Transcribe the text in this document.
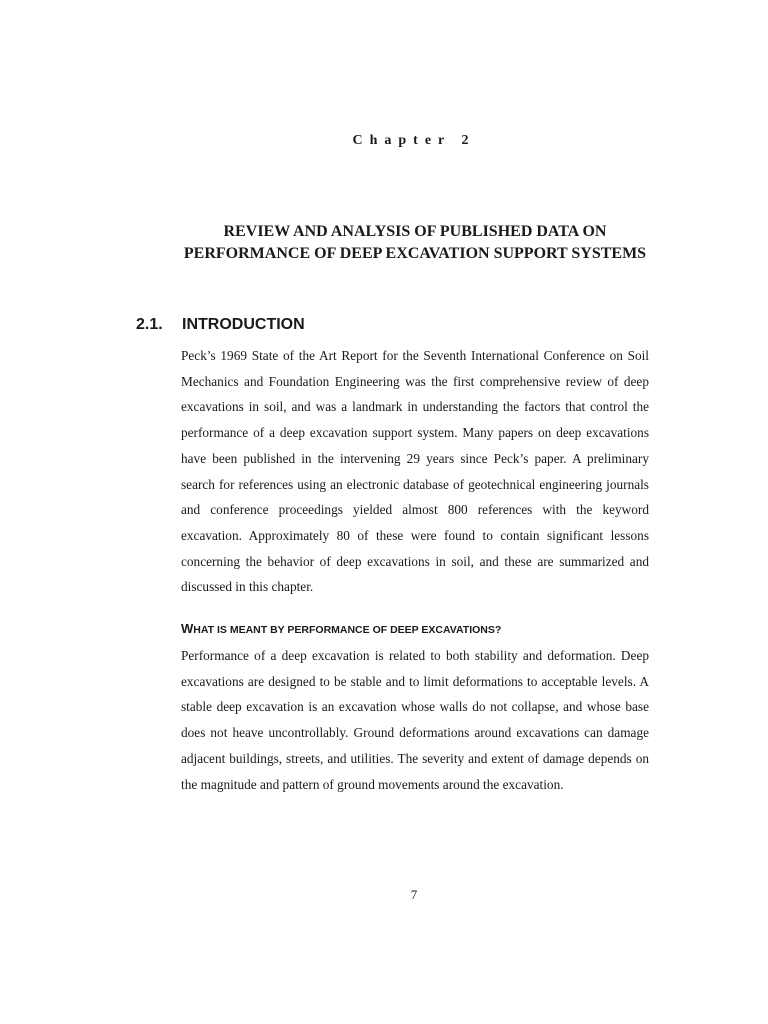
Chapter 2
REVIEW AND ANALYSIS OF PUBLISHED DATA ON PERFORMANCE OF DEEP EXCAVATION SUPPORT SYSTEMS
2.1. INTRODUCTION

Peck’s 1969 State of the Art Report for the Seventh International Conference on Soil Mechanics and Foundation Engineering was the first comprehensive review of deep excavations in soil, and was a landmark in understanding the factors that control the performance of a deep excavation support system. Many papers on deep excavations have been published in the intervening 29 years since Peck’s paper. A preliminary search for references using an electronic database of geotechnical engineering journals and conference proceedings yielded almost 800 references with the keyword excavation. Approximately 80 of these were found to contain significant lessons concerning the behavior of deep excavations in soil, and these are summarized and discussed in this chapter.

WHAT IS MEANT BY PERFORMANCE OF DEEP EXCAVATIONS?

Performance of a deep excavation is related to both stability and deformation. Deep excavations are designed to be stable and to limit deformations to acceptable levels. A stable deep excavation is an excavation whose walls do not collapse, and whose base does not heave uncontrollably. Ground deformations around excavations can damage adjacent buildings, streets, and utilities. The severity and extent of damage depends on the magnitude and pattern of ground movements around the excavation.

7
